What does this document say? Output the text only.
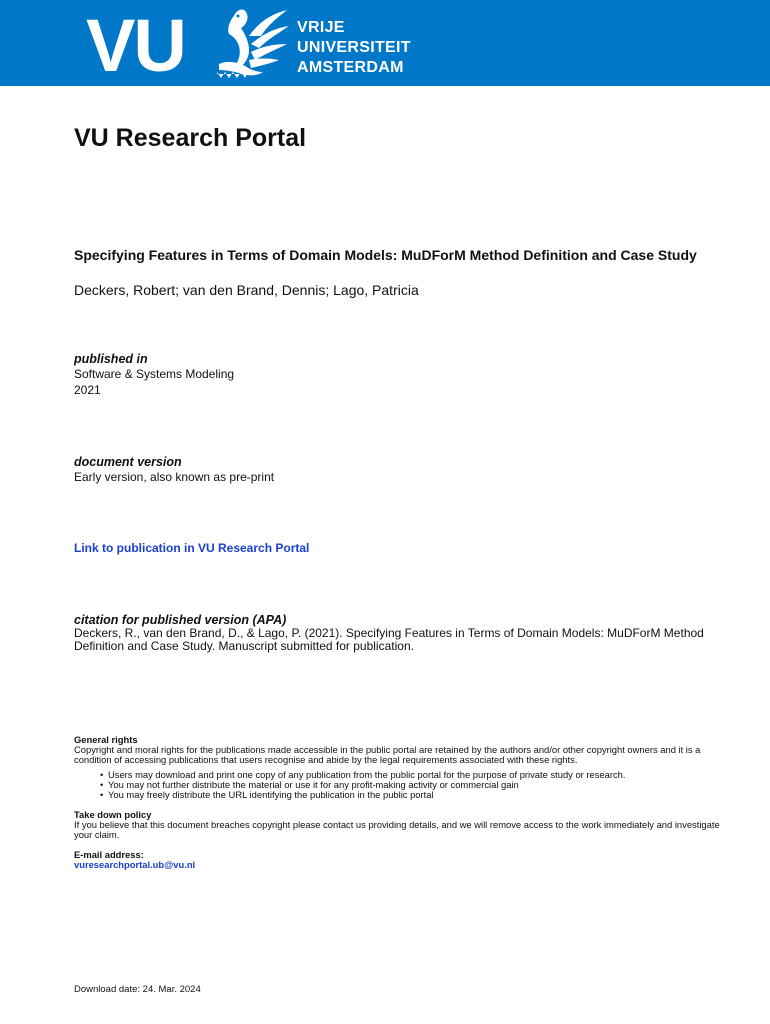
VU	VRIJE
UNIVERSITEIT
AMSTERDAM
VU Research Portal
Specifying Features in Terms of Domain Models: MuDForM Method Definition and Case Study
Deckers, Robert; van den Brand, Dennis; Lago, Patricia
published in
Software & Systems Modeling
2021
document version
Early version, also known as pre-print
Link to publication in VU Research Portal
citation for published version (APA)
Deckers, R., van den Brand, D., & Lago, P. (2021). Specifying Features in Terms of Domain Models: MuDForM Method Definition and Case Study. Manuscript submitted for publication.
General rights

Copyright and moral rights for the publications made accessible in the public portal are retained by the authors and/or other copyright owners and it is a condition of accessing publications that users recognise and abide by the legal requirements associated with these rights.

• Users may download and print one copy of any publication from the public portal for the purpose of private study or research.
• You may not further distribute the material or use it for any profit-making activity or commercial gain
• You may freely distribute the URL identifying the publication in the public portal
Take down policy

If you believe that this document breaches copyright please contact us providing details, and we will remove access to the work immediately and investigate your claim.

E-mail address:
vuresearchportal.ub@vu.nl
Download date: 24. Mar. 2024
